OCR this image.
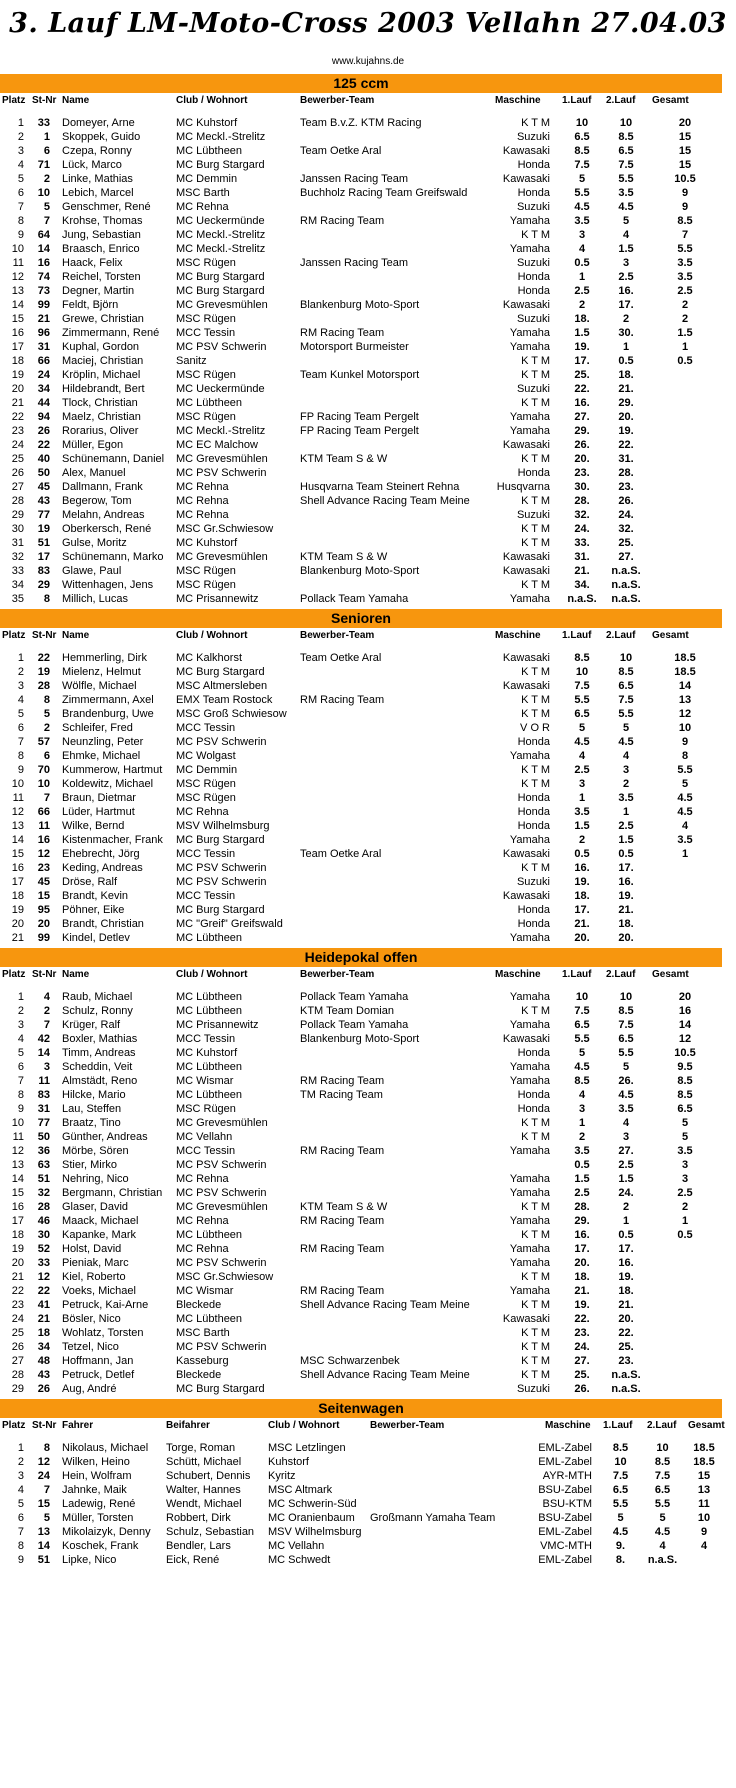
3. Lauf LM-Moto-Cross 2003 Vellahn 27.04.03
www.kujahns.de
125 ccm
Platz St-Nr Name	Club / Wohnort	Bewerber-Team	Maschine	1.Lauf	2.Lauf	Gesamt
1	33 Domeyer, Arne	MC Kuhstorf	Team B.v.Z. KTM Racing	K T M	10	10	20
2	1 Skoppek, Guido	MC Meckl.-Strelitz	Suzuki	6.5	8.5	15
3	6 Czepa, Ronny	MC Lübtheen	Team Oetke Aral	Kawasaki	8.5	6.5	15
4	71 Lück, Marco	MC Burg Stargard	Honda	7.5	7.5	15
5	2 Linke, Mathias	MC Demmin	Janssen Racing Team	Kawasaki	5	5.5	10.5
6	10 Lebich, Marcel	MSC Barth	Buchholz Racing Team Greifswald	Honda	5.5	3.5	9
7	5 Genschmer, René	MC Rehna	Suzuki	4.5	4.5	9
8	7 Krohse, Thomas	MC Ueckermünde	RM Racing Team	Yamaha	3.5	5	8.5
9	64 Jung, Sebastian	MC Meckl.-Strelitz	K T M	3	4	7
10	14 Braasch, Enrico	MC Meckl.-Strelitz	Yamaha	4	1.5	5.5
11	16 Haack, Felix	MSC Rügen	Janssen Racing Team	Suzuki	0.5	3	3.5
12	74 Reichel, Torsten	MC Burg Stargard	Honda	1	2.5	3.5
13	73 Degner, Martin	MC Burg Stargard	Honda	2.5	16.	2.5
14	99 Feldt, Björn	MC Grevesmühlen	Blankenburg Moto-Sport	Kawasaki	2	17.	2
15	21 Grewe, Christian	MSC Rügen	Suzuki	18.	2	2
16	96 Zimmermann, René	MCC Tessin	RM Racing Team	Yamaha	1.5	30.	1.5
17	31 Kuphal, Gordon	MC PSV Schwerin	Motorsport Burmeister	Yamaha	19.	1	1
18	66 Maciej, Christian	Sanitz	K T M	17.	0.5	0.5
19	24 Kröplin, Michael	MSC Rügen	Team Kunkel Motorsport	K T M	25.	18.
20	34 Hildebrandt, Bert	MC Ueckermünde	Suzuki	22.	21.
21	44 Tlock, Christian	MC Lübtheen	K T M	16.	29.
22	94 Maelz, Christian	MSC Rügen	FP Racing Team Pergelt	Yamaha	27.	20.
23	26 Rorarius, Oliver	MC Meckl.-Strelitz	FP Racing Team Pergelt	Yamaha	29.	19.
24	22 Müller, Egon	MC EC Malchow	Kawasaki	26.	22.
25	40 Schünemann, Daniel	MC Grevesmühlen	KTM Team S & W	K T M	20.	31.
26	50 Alex, Manuel	MC PSV Schwerin	Honda	23.	28.
27	45 Dallmann, Frank	MC Rehna	Husqvarna Team Steinert Rehna	Husqvarna	30.	23.
28	43 Begerow, Tom	MC Rehna	Shell Advance Racing Team Meine	K T M	28.	26.
29	77 Melahn, Andreas	MC Rehna	Suzuki	32.	24.
30	19 Oberkersch, René	MSC Gr.Schwiesow	K T M	24.	32.
31	51 Gulse, Moritz	MC Kuhstorf	K T M	33.	25.
32	17 Schünemann, Marko	MC Grevesmühlen	KTM Team S & W	Kawasaki	31.	27.
33	83 Glawe, Paul	MSC Rügen	Blankenburg Moto-Sport	Kawasaki	21.	n.a.S.
34	29 Wittenhagen, Jens	MSC Rügen	K T M	34.	n.a.S.
35	8 Millich, Lucas	MC Prisannewitz	Pollack Team Yamaha	Yamaha	n.a.S.	n.a.S.
Senioren
Platz St-Nr Name	Club / Wohnort	Bewerber-Team	Maschine	1.Lauf	2.Lauf	Gesamt
1	22 Hemmerling, Dirk	MC Kalkhorst	Team Oetke Aral	Kawasaki	8.5	10	18.5
2	19 Mielenz, Helmut	MC Burg Stargard	K T M	10	8.5	18.5
3	28 Wölfle, Michael	MSC Altmersleben	Kawasaki	7.5	6.5	14
4	8 Zimmermann, Axel	EMX Team Rostock	RM Racing Team	K T M	5.5	7.5	13
5	5 Brandenburg, Uwe	MSC Groß Schwiesow	K T M	6.5	5.5	12
6	2 Schleifer, Fred	MCC Tessin	V O R	5	5	10
7	57 Neunzling, Peter	MC PSV Schwerin	Honda	4.5	4.5	9
8	6 Ehmke, Michael	MC Wolgast	Yamaha	4	4	8
9	70 Kummerow, Hartmut	MC Demmin	K T M	2.5	3	5.5
10	10 Koldewitz, Michael	MSC Rügen	K T M	3	2	5
11	7 Braun, Dietmar	MSC Rügen	Honda	1	3.5	4.5
12	66 Lüder, Hartmut	MC Rehna	Honda	3.5	1	4.5
13	11 Wilke, Bernd	MSV Wilhelmsburg	Honda	1.5	2.5	4
14	16 Kistenmacher, Frank	MC Burg Stargard	Yamaha	2	1.5	3.5
15	12 Ehebrecht, Jörg	MCC Tessin	Team Oetke Aral	Kawasaki	0.5	0.5	1
16	23 Keding, Andreas	MC PSV Schwerin	K T M	16.	17.
17	45 Dröse, Ralf	MC PSV Schwerin	Suzuki	19.	16.
18	15 Brandt, Kevin	MCC Tessin	Kawasaki	18.	19.
19	95 Pöhner, Eike	MC Burg Stargard	Honda	17.	21.
20	20 Brandt, Christian	MC "Greif" Greifswald	Honda	21.	18.
21	99 Kindel, Detlev	MC Lübtheen	Yamaha	20.	20.
Heidepokal offen
Platz St-Nr Name	Club / Wohnort	Bewerber-Team	Maschine	1.Lauf	2.Lauf	Gesamt
1	4 Raub, Michael	MC Lübtheen	Pollack Team Yamaha	Yamaha	10	10	20
2	2 Schulz, Ronny	MC Lübtheen	KTM Team Domian	K T M	7.5	8.5	16
3	7 Krüger, Ralf	MC Prisannewitz	Pollack Team Yamaha	Yamaha	6.5	7.5	14
4	42 Boxler, Mathias	MCC Tessin	Blankenburg Moto-Sport	Kawasaki	5.5	6.5	12
5	14 Timm, Andreas	MC Kuhstorf	Honda	5	5.5	10.5
6	3 Scheddin, Veit	MC Lübtheen	Yamaha	4.5	5	9.5
7	11 Almstädt, Reno	MC Wismar	RM Racing Team	Yamaha	8.5	26.	8.5
8	83 Hilcke, Mario	MC Lübtheen	TM Racing Team	Honda	4	4.5	8.5
9	31 Lau, Steffen	MSC Rügen	Honda	3	3.5	6.5
10	77 Braatz, Tino	MC Grevesmühlen	K T M	1	4	5
11	50 Günther, Andreas	MC Vellahn	K T M	2	3	5
12	36 Mörbe, Sören	MCC Tessin	RM Racing Team	Yamaha	3.5	27.	3.5
13	63 Stier, Mirko	MC PSV Schwerin	0.5	2.5	3
14	51 Nehring, Nico	MC Rehna	Yamaha	1.5	1.5	3
15	32 Bergmann, Christian	MC PSV Schwerin	Yamaha	2.5	24.	2.5
16	28 Glaser, David	MC Grevesmühlen	KTM Team S & W	K T M	28.	2	2
17	46 Maack, Michael	MC Rehna	RM Racing Team	Yamaha	29.	1	1
18	30 Kapanke, Mark	MC Lübtheen	K T M	16.	0.5	0.5
19	52 Holst, David	MC Rehna	RM Racing Team	Yamaha	17.	17.
20	33 Pieniak, Marc	MC PSV Schwerin	Yamaha	20.	16.
21	12 Kiel, Roberto	MSC Gr.Schwiesow	K T M	18.	19.
22	22 Voeks, Michael	MC Wismar	RM Racing Team	Yamaha	21.	18.
23	41 Petruck, Kai-Arne	Bleckede	Shell Advance Racing Team Meine	K T M	19.	21.
24	21 Bösler, Nico	MC Lübtheen	Kawasaki	22.	20.
25	18 Wohlatz, Torsten	MSC Barth	K T M	23.	22.
26	34 Tetzel, Nico	MC PSV Schwerin	K T M	24.	25.
27	48 Hoffmann, Jan	Kasseburg	MSC Schwarzenbek	K T M	27.	23.
28	43 Petruck, Detlef	Bleckede	Shell Advance Racing Team Meine	K T M	25.	n.a.S.
29	26 Aug, André	MC Burg Stargard	Suzuki	26.	n.a.S.
Seitenwagen
Platz St-Nr Fahrer	Beifahrer	Club / Wohnort	Bewerber-Team	Maschine	1.Lauf	2.Lauf	Gesamt
1	8 Nikolaus, Michael	Torge, Roman	MSC Letzlingen	EML-Zabel	8.5	10	18.5
2	12 Wilken, Heino	Schütt, Michael	Kuhstorf	EML-Zabel	10	8.5	18.5
3	24 Hein, Wolfram	Schubert, Dennis	Kyritz	AYR-MTH	7.5	7.5	15
4	7 Jahnke, Maik	Walter, Hannes	MSC Altmark	BSU-Zabel	6.5	6.5	13
5	15 Ladewig, René	Wendt, Michael	MC Schwerin-Süd	BSU-KTM	5.5	5.5	11
6	5 Müller, Torsten	Robbert, Dirk	MC Oranienbaum	Großmann Yamaha Team	BSU-Zabel	5	5	10
7	13 Mikolaizyk, Denny	Schulz, Sebastian	MSV Wilhelmsburg	EML-Zabel	4.5	4.5	9
8	14 Koschek, Frank	Bendler, Lars	MC Vellahn	VMC-MTH	9.	4	4
9	51 Lipke, Nico	Eick, René	MC Schwedt	EML-Zabel	8.	n.a.S.
